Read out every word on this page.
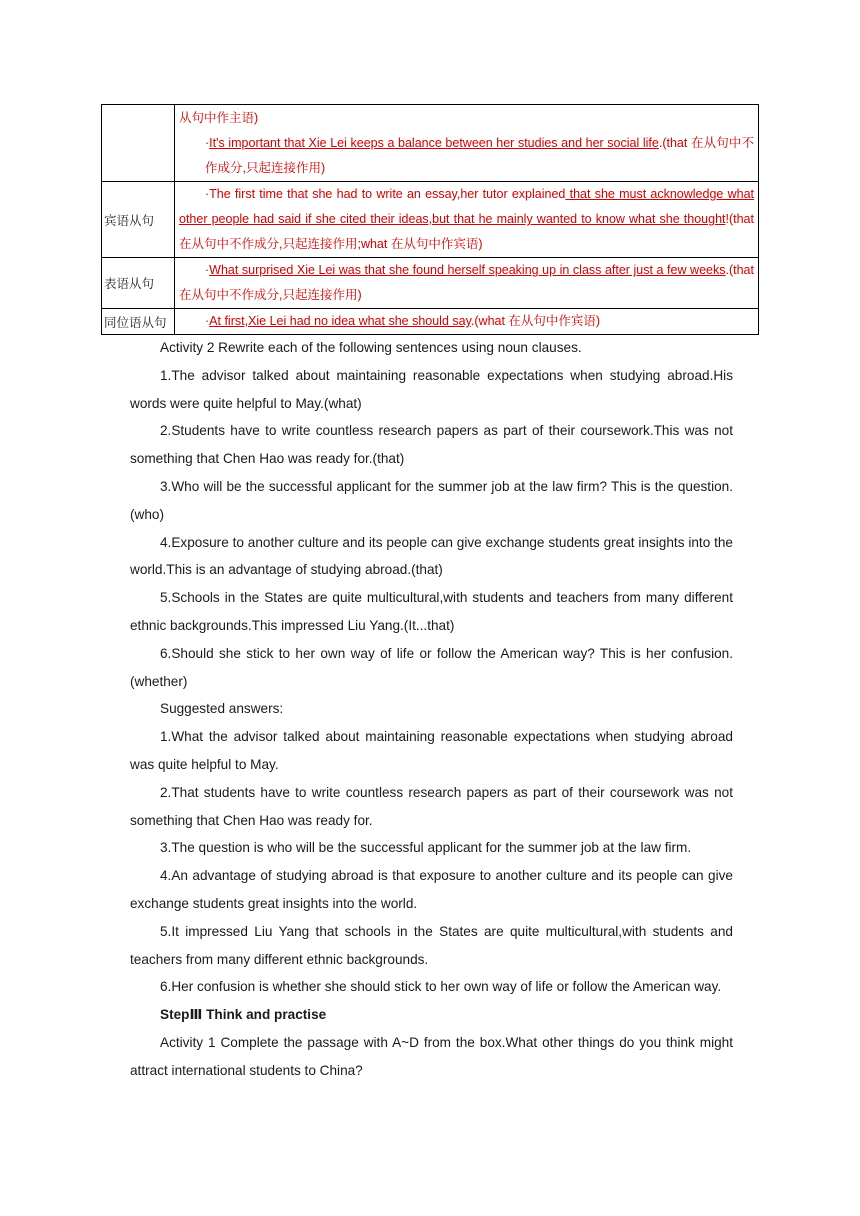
	从句中作主语)
·It's important that Xie Lei keeps a balance between her studies and her social life.(that 在从句中不作成分,只起连接作用)

宾语从句	·The first time that she had to write an essay,her tutor explained that she must acknowledge what other people had said if she cited their ideas,but that he mainly wanted to know what she thought!(that 在从句中不作成分,只起连接作用;what 在从句中作宾语)

表语从句	·What surprised Xie Lei was that she found herself speaking up in class after just a few weeks.(that 在从句中不作成分,只起连接作用)

同位语从句	·At first,Xie Lei had no idea what she should say.(what 在从句中作宾语)

Activity 2 Rewrite each of the following sentences using noun clauses.

1.The advisor talked about maintaining reasonable expectations when studying abroad.His words were quite helpful to May.(what)

2.Students have to write countless research papers as part of their coursework.This was not something that Chen Hao was ready for.(that)

3.Who will be the successful applicant for the summer job at the law firm? This is the question.(who)

4.Exposure to another culture and its people can give exchange students great insights into the world.This is an advantage of studying abroad.(that)

5.Schools in the States are quite multicultural,with students and teachers from many different ethnic backgrounds.This impressed Liu Yang.(It...that)

6.Should she stick to her own way of life or follow the American way? This is her confusion.(whether)

Suggested answers:

1.What the advisor talked about maintaining reasonable expectations when studying abroad was quite helpful to May.

2.That students have to write countless research papers as part of their coursework was not something that Chen Hao was ready for.

3.The question is who will be the successful applicant for the summer job at the law firm.

4.An advantage of studying abroad is that exposure to another culture and its people can give exchange students great insights into the world.

5.It impressed Liu Yang that schools in the States are quite multicultural,with students and teachers from many different ethnic backgrounds.

6.Her confusion is whether she should stick to her own way of life or follow the American way.

StepⅢ Think and practise

Activity 1 Complete the passage with A~D from the box.What other things do you think might attract international students to China?
